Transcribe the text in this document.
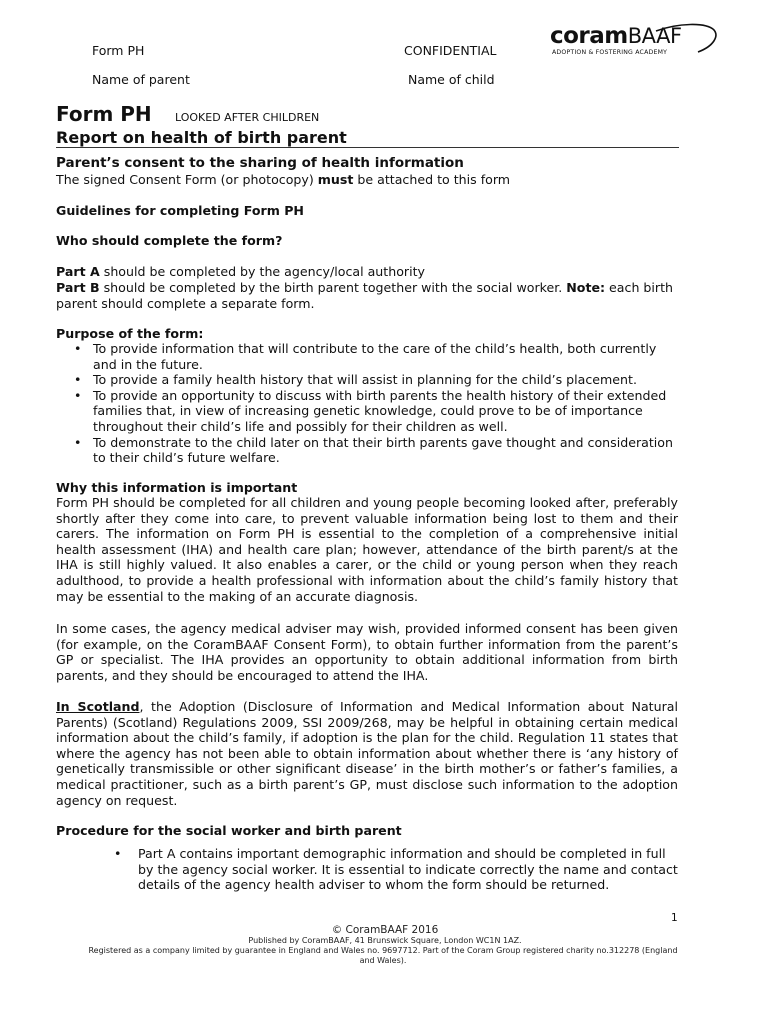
Form PH	CONFIDENTIAL
Name of parent	Name of child
coramBAAF
ADOPTION & FOSTERING ACADEMY
Form PH LOOKED AFTER CHILDREN
Report on health of birth parent
Parent’s consent to the sharing of health information
The signed Consent Form (or photocopy) must be attached to this form
Guidelines for completing Form PH
Who should complete the form?
Part A should be completed by the agency/local authority
Part B should be completed by the birth parent together with the social worker. Note: each birth parent should complete a separate form.
Purpose of the form:
• To provide information that will contribute to the care of the child’s health, both currently and in the future.
• To provide a family health history that will assist in planning for the child’s placement.
• To provide an opportunity to discuss with birth parents the health history of their extended families that, in view of increasing genetic knowledge, could prove to be of importance throughout their child’s life and possibly for their children as well.
• To demonstrate to the child later on that their birth parents gave thought and consideration to their child’s future welfare.
Why this information is important
Form PH should be completed for all children and young people becoming looked after, preferably shortly after they come into care, to prevent valuable information being lost to them and their carers. The information on Form PH is essential to the completion of a comprehensive initial health assessment (IHA) and health care plan; however, attendance of the birth parent/s at the IHA is still highly valued. It also enables a carer, or the child or young person when they reach adulthood, to provide a health professional with information about the child’s family history that may be essential to the making of an accurate diagnosis.
In some cases, the agency medical adviser may wish, provided informed consent has been given (for example, on the CoramBAAF Consent Form), to obtain further information from the parent’s GP or specialist. The IHA provides an opportunity to obtain additional information from birth parents, and they should be encouraged to attend the IHA.
In Scotland, the Adoption (Disclosure of Information and Medical Information about Natural Parents) (Scotland) Regulations 2009, SSI 2009/268, may be helpful in obtaining certain medical information about the child’s family, if adoption is the plan for the child. Regulation 11 states that where the agency has not been able to obtain information about whether there is ‘any history of genetically transmissible or other significant disease’ in the birth mother’s or father’s families, a medical practitioner, such as a birth parent’s GP, must disclose such information to the adoption agency on request.
Procedure for the social worker and birth parent
• Part A contains important demographic information and should be completed in full by the agency social worker. It is essential to indicate correctly the name and contact details of the agency health adviser to whom the form should be returned.
1
© CoramBAAF 2016
Published by CoramBAAF, 41 Brunswick Square, London WC1N 1AZ.
Registered as a company limited by guarantee in England and Wales no. 9697712. Part of the Coram Group registered charity no.312278 (England and Wales).
